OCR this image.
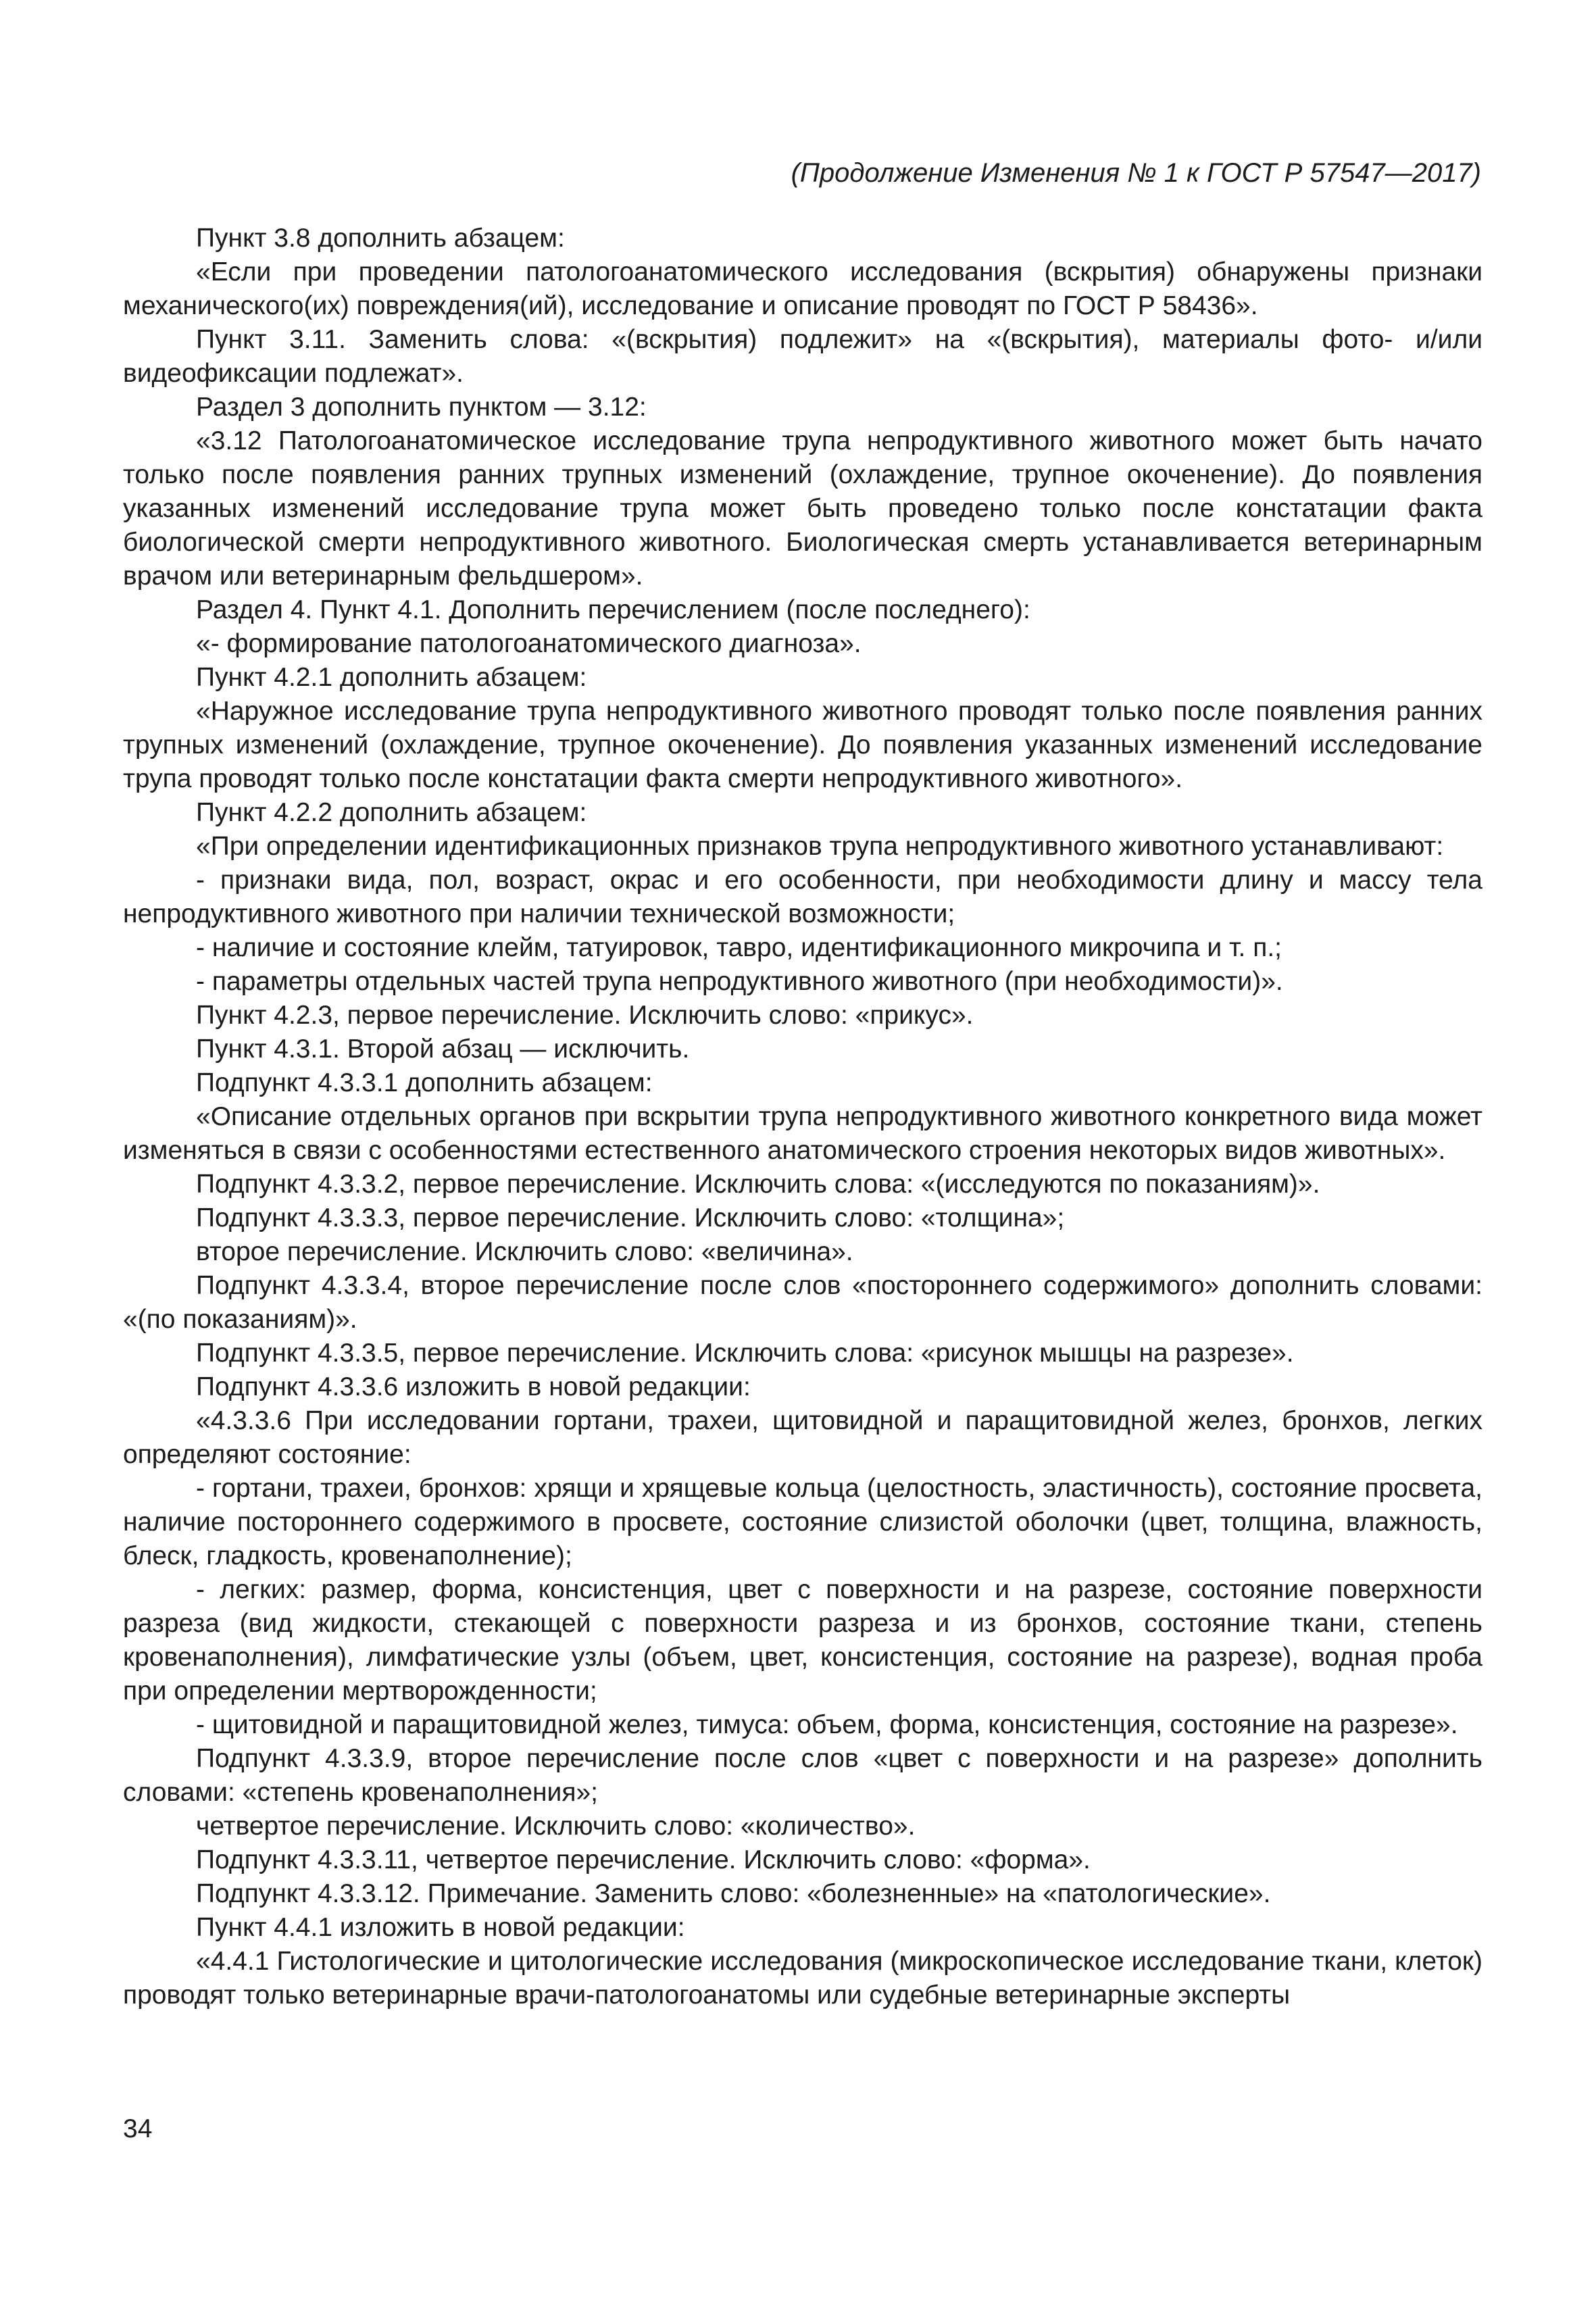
(Продолжение Изменения № 1 к ГОСТ Р 57547—2017)

Пункт 3.8 дополнить абзацем:

«Если при проведении патологоанатомического исследования (вскрытия) обнаружены признаки механического(их) повреждения(ий), исследование и описание проводят по ГОСТ Р 58436».

Пункт 3.11. Заменить слова: «(вскрытия) подлежит» на «(вскрытия), материалы фото- и/или видеофиксации подлежат».

Раздел 3 дополнить пунктом — 3.12:

«3.12 Патологоанатомическое исследование трупа непродуктивного животного может быть начато только после появления ранних трупных изменений (охлаждение, трупное окоченение). До появления указанных изменений исследование трупа может быть проведено только после констатации факта биологической смерти непродуктивного животного. Биологическая смерть устанавливается ветеринарным врачом или ветеринарным фельдшером».

Раздел 4. Пункт 4.1. Дополнить перечислением (после последнего):

«- формирование патологоанатомического диагноза».

Пункт 4.2.1 дополнить абзацем:

«Наружное исследование трупа непродуктивного животного проводят только после появления ранних трупных изменений (охлаждение, трупное окоченение). До появления указанных изменений исследование трупа проводят только после констатации факта смерти непродуктивного животного».

Пункт 4.2.2 дополнить абзацем:

«При определении идентификационных признаков трупа непродуктивного животного устанавливают:

- признаки вида, пол, возраст, окрас и его особенности, при необходимости длину и массу тела непродуктивного животного при наличии технической возможности;

- наличие и состояние клейм, татуировок, тавро, идентификационного микрочипа и т. п.;

- параметры отдельных частей трупа непродуктивного животного (при необходимости)».

Пункт 4.2.3, первое перечисление. Исключить слово: «прикус».

Пункт 4.3.1. Второй абзац — исключить.

Подпункт 4.3.3.1 дополнить абзацем:

«Описание отдельных органов при вскрытии трупа непродуктивного животного конкретного вида может изменяться в связи с особенностями естественного анатомического строения некоторых видов животных».

Подпункт 4.3.3.2, первое перечисление. Исключить слова: «(исследуются по показаниям)».

Подпункт 4.3.3.3, первое перечисление. Исключить слово: «толщина»;

второе перечисление. Исключить слово: «величина».

Подпункт 4.3.3.4, второе перечисление после слов «постороннего содержимого» дополнить словами: «(по показаниям)».

Подпункт 4.3.3.5, первое перечисление. Исключить слова: «рисунок мышцы на разрезе».

Подпункт 4.3.3.6 изложить в новой редакции:

«4.3.3.6 При исследовании гортани, трахеи, щитовидной и паращитовидной желез, бронхов, легких определяют состояние:

- гортани, трахеи, бронхов: хрящи и хрящевые кольца (целостность, эластичность), состояние просвета, наличие постороннего содержимого в просвете, состояние слизистой оболочки (цвет, толщина, влажность, блеск, гладкость, кровенаполнение);

- легких: размер, форма, консистенция, цвет с поверхности и на разрезе, состояние поверхности разреза (вид жидкости, стекающей с поверхности разреза и из бронхов, состояние ткани, степень кровенаполнения), лимфатические узлы (объем, цвет, консистенция, состояние на разрезе), водная проба при определении мертворожденности;

- щитовидной и паращитовидной желез, тимуса: объем, форма, консистенция, состояние на разрезе».

Подпункт 4.3.3.9, второе перечисление после слов «цвет с поверхности и на разрезе» дополнить словами: «степень кровенаполнения»;

четвертое перечисление. Исключить слово: «количество».

Подпункт 4.3.3.11, четвертое перечисление. Исключить слово: «форма».

Подпункт 4.3.3.12. Примечание. Заменить слово: «болезненные» на «патологические».

Пункт 4.4.1 изложить в новой редакции:

«4.4.1 Гистологические и цитологические исследования (микроскопическое исследование ткани, клеток) проводят только ветеринарные врачи-патологоанатомы или судебные ветеринарные эксперты

34
